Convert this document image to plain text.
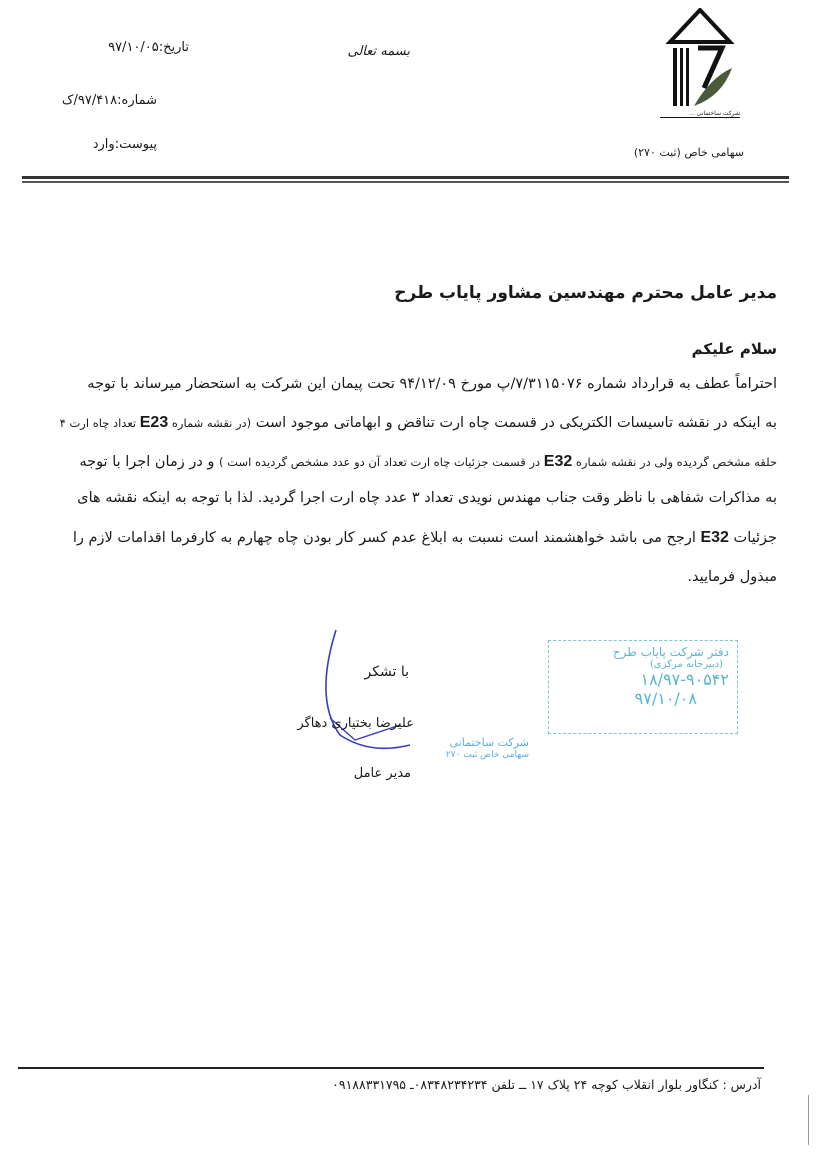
بسمه تعالی
تاریخ:۹۷/۱۰/۰۵
شماره:۹۷/۴۱۸/ک
پیوست:وارد
شرکت ساختمانی ...
سهامی خاص (ثبت ۲۷۰)
مدیر عامل محترم مهندسین مشاور پایاب طرح
سلام علیکم
احتراماً عطف به قرارداد شماره ۷/۳۱۱۵۰۷۶/پ مورخ ۹۴/۱۲/۰۹ تحت پیمان این شرکت به استحضار میرساند با توجه
به اینکه در نقشه تاسیسات الکتریکی در قسمت چاه ارت تناقض و ابهاماتی موجود است (در نقشه شماره E23 تعداد چاه ارت ۴
حلقه مشخص گردیده ولی در نقشه شماره E32 در قسمت جزئیات چاه ارت تعداد آن دو عدد مشخص گردیده است ) و در زمان اجرا با توجه
به مذاکرات شفاهی با ناظر وقت جناب مهندس نویدی تعداد ۳ عدد چاه ارت اجرا گردید. لذا با توجه به اینکه نقشه های
جزئیات E32 ارجح می باشد خواهشمند است نسبت به ابلاغ عدم کسر کار بودن چاه چهارم به کارفرما اقدامات لازم را
مبذول فرمایید.
دفتر شرکت پایاب طرح
(دبیرخانه مرکزی)
۱۸/۹۷-۹۰۵۴۲
۹۷/۱۰/۰۸
با تشکر
علیرضا بختیاری دهاگر
شرکت ساختمانی
سهامی خاص ثبت ۲۷۰
مدیر عامل
آدرس : کنگاور بلوار انقلاب کوچه ۲۴ پلاک ۱۷ ــ تلفن ۰۸۳۴۸۲۳۴۲۳۴ـ ۰۹۱۸۸۳۳۱۷۹۵
